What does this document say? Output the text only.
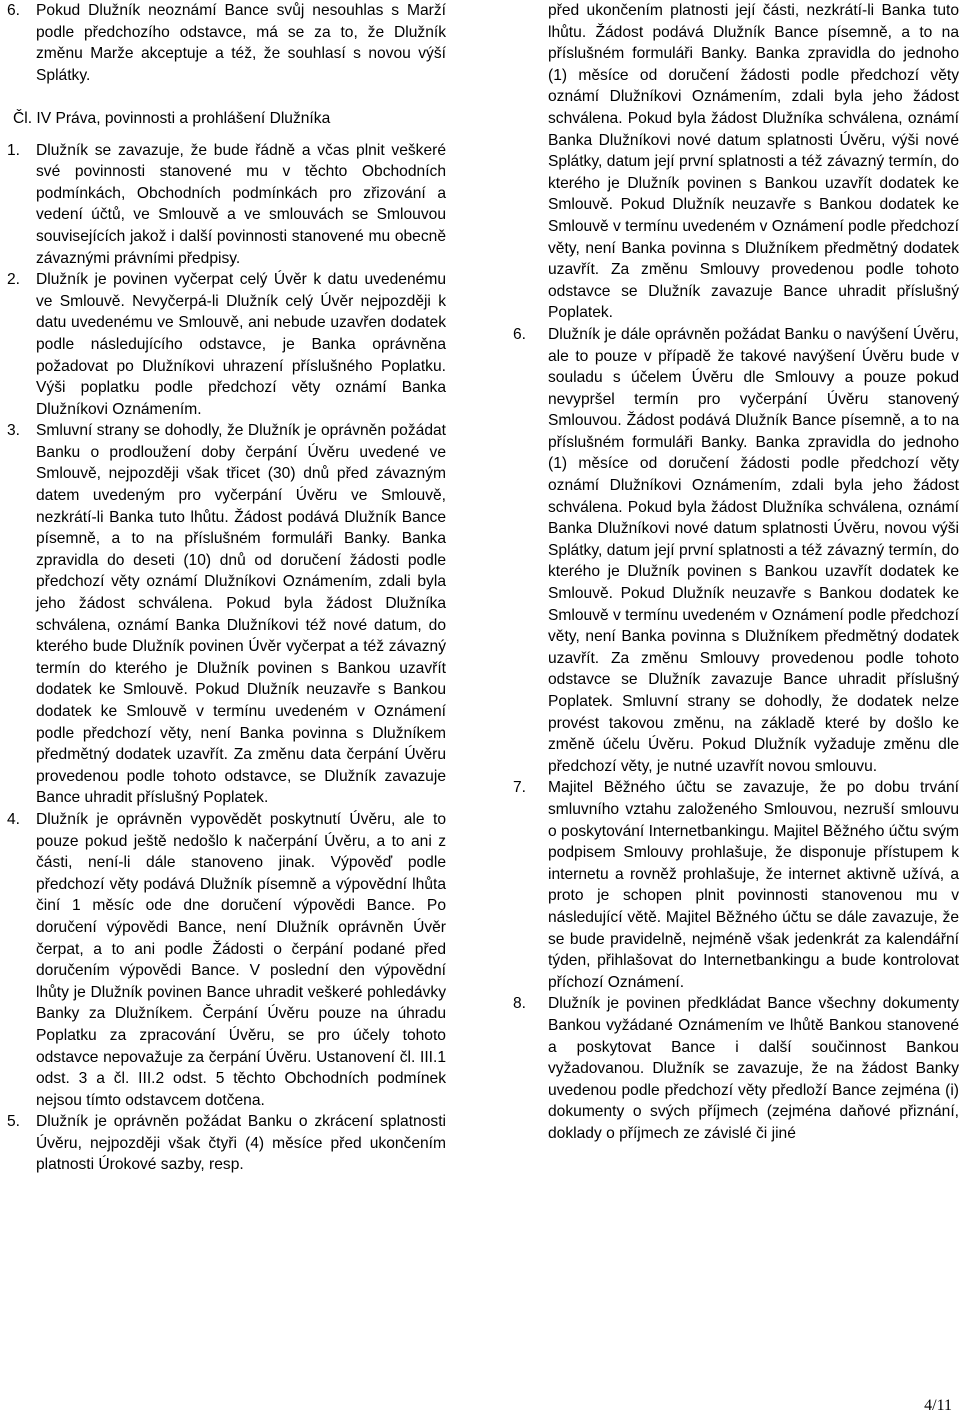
6. Pokud Dlužník neoznámí Bance svůj nesouhlas s Marží podle předchozího odstavce, má se za to, že Dlužník změnu Marže akceptuje a též, že souhlasí s novou výší Splátky.

Čl. IV Práva, povinnosti a prohlášení Dlužníka

1. Dlužník se zavazuje, že bude řádně a včas plnit veškeré své povinnosti stanovené mu v těchto Obchodních podmínkách, Obchodních podmínkách pro zřizování a vedení účtů, ve Smlouvě a ve smlouvách se Smlouvou souvisejících jakož i další povinnosti stanovené mu obecně závaznými právními předpisy.

2. Dlužník je povinen vyčerpat celý Úvěr k datu uvedenému ve Smlouvě. Nevyčerpá-li Dlužník celý Úvěr nejpozději k datu uvedenému ve Smlouvě, ani nebude uzavřen dodatek podle následujícího odstavce, je Banka oprávněna požadovat po Dlužníkovi uhrazení příslušného Poplatku. Výši poplatku podle předchozí věty oznámí Banka Dlužníkovi Oznámením.

3. Smluvní strany se dohodly, že Dlužník je oprávněn požádat Banku o prodloužení doby čerpání Úvěru uvedené ve Smlouvě, nejpozději však třicet (30) dnů před závazným datem uvedeným pro vyčerpání Úvěru ve Smlouvě, nezkrátí-li Banka tuto lhůtu. Žádost podává Dlužník Bance písemně, a to na příslušném formuláři Banky. Banka zpravidla do deseti (10) dnů od doručení žádosti podle předchozí věty oznámí Dlužníkovi Oznámením, zdali byla jeho žádost schválena. Pokud byla žádost Dlužníka schválena, oznámí Banka Dlužníkovi též nové datum, do kterého bude Dlužník povinen Úvěr vyčerpat a též závazný termín do kterého je Dlužník povinen s Bankou uzavřít dodatek ke Smlouvě. Pokud Dlužník neuzavře s Bankou dodatek ke Smlouvě v termínu uvedeném v Oznámení podle předchozí věty, není Banka povinna s Dlužníkem předmětný dodatek uzavřít. Za změnu data čerpání Úvěru provedenou podle tohoto odstavce, se Dlužník zavazuje Bance uhradit příslušný Poplatek.

4. Dlužník je oprávněn vypovědět poskytnutí Úvěru, ale to pouze pokud ještě nedošlo k načerpání Úvěru, a to ani z části, není-li dále stanoveno jinak. Výpověď podle předchozí věty podává Dlužník písemně a výpovědní lhůta činí 1 měsíc ode dne doručení výpovědi Bance. Po doručení výpovědi Bance, není Dlužník oprávněn Úvěr čerpat, a to ani podle Žádosti o čerpání podané před doručením výpovědi Bance. V poslední den výpovědní lhůty je Dlužník povinen Bance uhradit veškeré pohledávky Banky za Dlužníkem. Čerpání Úvěru pouze na úhradu Poplatku za zpracování Úvěru, se pro účely tohoto odstavce nepovažuje za čerpání Úvěru. Ustanovení čl. III.1 odst. 3 a čl. III.2 odst. 5 těchto Obchodních podmínek nejsou tímto odstavcem dotčena.

5. Dlužník je oprávněn požádat Banku o zkrácení splatnosti Úvěru, nejpozději však čtyři (4) měsíce před ukončením platnosti Úrokové sazby, resp.

před ukončením platnosti její části, nezkrátí-li Banka tuto lhůtu. Žádost podává Dlužník Bance písemně, a to na příslušném formuláři Banky. Banka zpravidla do jednoho (1) měsíce od doručení žádosti podle předchozí věty oznámí Dlužníkovi Oznámením, zdali byla jeho žádost schválena. Pokud byla žádost Dlužníka schválena, oznámí Banka Dlužníkovi nové datum splatnosti Úvěru, výši nové Splátky, datum její první splatnosti a též závazný termín, do kterého je Dlužník povinen s Bankou uzavřít dodatek ke Smlouvě. Pokud Dlužník neuzavře s Bankou dodatek ke Smlouvě v termínu uvedeném v Oznámení podle předchozí věty, není Banka povinna s Dlužníkem předmětný dodatek uzavřít. Za změnu Smlouvy provedenou podle tohoto odstavce se Dlužník zavazuje Bance uhradit příslušný Poplatek.

6. Dlužník je dále oprávněn požádat Banku o navýšení Úvěru, ale to pouze v případě že takové navýšení Úvěru bude v souladu s účelem Úvěru dle Smlouvy a pouze pokud nevypršel termín pro vyčerpání Úvěru stanovený Smlouvou. Žádost podává Dlužník Bance písemně, a to na příslušném formuláři Banky. Banka zpravidla do jednoho (1) měsíce od doručení žádosti podle předchozí věty oznámí Dlužníkovi Oznámením, zdali byla jeho žádost schválena. Pokud byla žádost Dlužníka schválena, oznámí Banka Dlužníkovi nové datum splatnosti Úvěru, novou výši Splátky, datum její první splatnosti a též závazný termín, do kterého je Dlužník povinen s Bankou uzavřít dodatek ke Smlouvě. Pokud Dlužník neuzavře s Bankou dodatek ke Smlouvě v termínu uvedeném v Oznámení podle předchozí věty, není Banka povinna s Dlužníkem předmětný dodatek uzavřít. Za změnu Smlouvy provedenou podle tohoto odstavce se Dlužník zavazuje Bance uhradit příslušný Poplatek. Smluvní strany se dohodly, že dodatek nelze provést takovou změnu, na základě které by došlo ke změně účelu Úvěru. Pokud Dlužník vyžaduje změnu dle předchozí věty, je nutné uzavřít novou smlouvu.

7. Majitel Běžného účtu se zavazuje, že po dobu trvání smluvního vztahu založeného Smlouvou, nezruší smlouvu o poskytování Internetbankingu. Majitel Běžného účtu svým podpisem Smlouvy prohlašuje, že disponuje přístupem k internetu a rovněž prohlašuje, že internet aktivně užívá, a proto je schopen plnit povinnosti stanovenou mu v následující větě. Majitel Běžného účtu se dále zavazuje, že se bude pravidelně, nejméně však jedenkrát za kalendářní týden, přihlašovat do Internetbankingu a bude kontrolovat příchozí Oznámení.

8. Dlužník je povinen předkládat Bance všechny dokumenty Bankou vyžádané Oznámením ve lhůtě Bankou stanovené a poskytovat Bance i další součinnost Bankou vyžadovanou. Dlužník se zavazuje, že na žádost Banky uvedenou podle předchozí věty předloží Bance zejména (i) dokumenty o svých příjmech (zejména daňové přiznání, doklady o příjmech ze závislé či jiné

4/11
